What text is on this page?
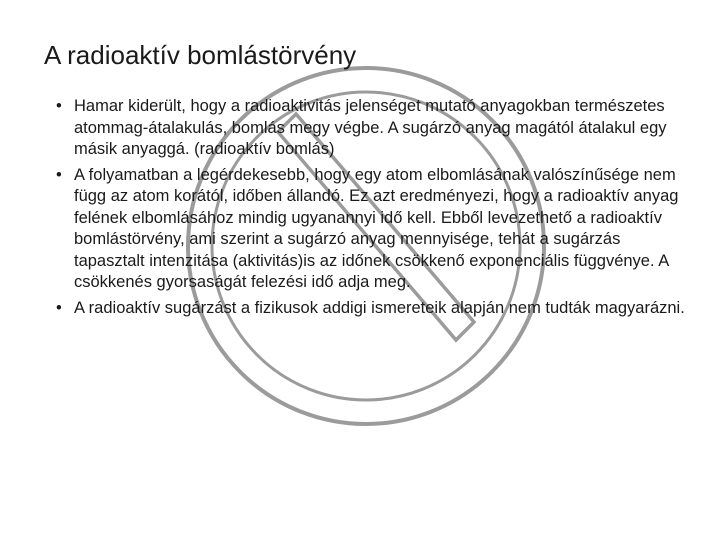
A radioaktív bomlástörvény
• Hamar kiderült, hogy a radioaktivitás jelenséget mutató anyagokban természetes atommag-átalakulás, bomlás megy végbe. A sugárzó anyag magától átalakul egy másik anyaggá. (radioaktív bomlás)
• A folyamatban a legérdekesebb, hogy egy atom elbomlásának valószínűsége nem függ az atom korától, időben állandó. Ez azt eredményezi, hogy a radioaktív anyag felének elbomlásához mindig ugyanannyi idő kell. Ebből levezethető a radioaktív bomlástörvény, ami szerint a sugárzó anyag mennyisége, tehát a sugárzás tapasztalt intenzitása (aktivitás)is az időnek csökkenő exponenciális függvénye. A csökkenés gyorsaságát felezési idő adja meg.
• A radioaktív sugárzást a fizikusok addigi ismereteik alapján nem tudták magyarázni.
